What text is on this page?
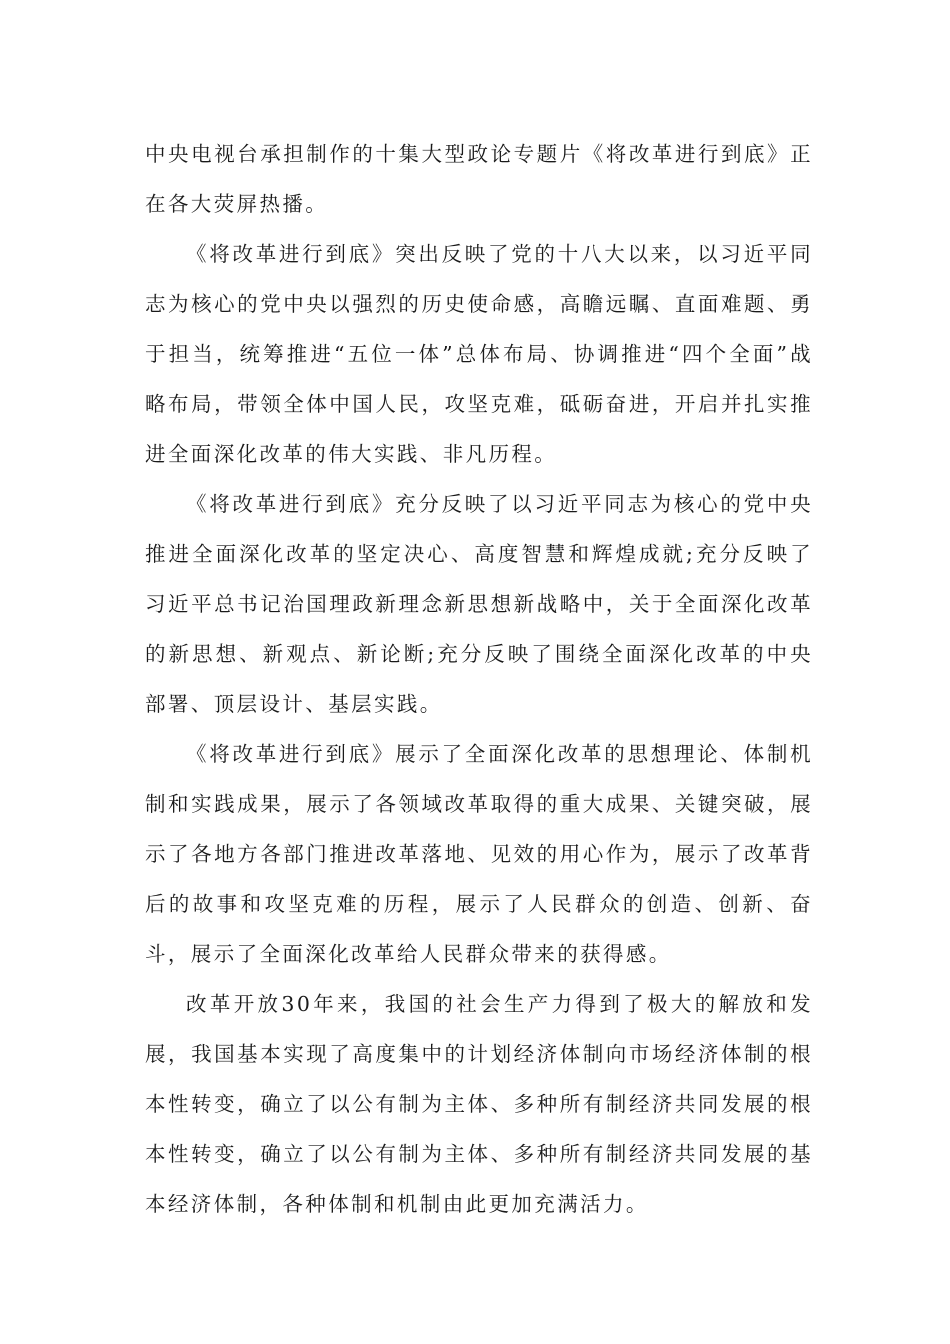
中央电视台承担制作的十集大型政论专题片《将改革进行到底》正在各大荧屏热播。

《将改革进行到底》突出反映了党的十八大以来，以习近平同志为核心的党中央以强烈的历史使命感，高瞻远瞩、直面难题、勇于担当，统筹推进“五位一体”总体布局、协调推进“四个全面”战略布局，带领全体中国人民，攻坚克难，砥砺奋进，开启并扎实推进全面深化改革的伟大实践、非凡历程。

《将改革进行到底》充分反映了以习近平同志为核心的党中央推进全面深化改革的坚定决心、高度智慧和辉煌成就;充分反映了习近平总书记治国理政新理念新思想新战略中，关于全面深化改革的新思想、新观点、新论断;充分反映了围绕全面深化改革的中央部署、顶层设计、基层实践。

《将改革进行到底》展示了全面深化改革的思想理论、体制机制和实践成果，展示了各领域改革取得的重大成果、关键突破，展示了各地方各部门推进改革落地、见效的用心作为，展示了改革背后的故事和攻坚克难的历程，展示了人民群众的创造、创新、奋斗，展示了全面深化改革给人民群众带来的获得感。

改革开放30年来，我国的社会生产力得到了极大的解放和发展，我国基本实现了高度集中的计划经济体制向市场经济体制的根本性转变，确立了以公有制为主体、多种所有制经济共同发展的根本性转变，确立了以公有制为主体、多种所有制经济共同发展的基本经济体制，各种体制和机制由此更加充满活力。
